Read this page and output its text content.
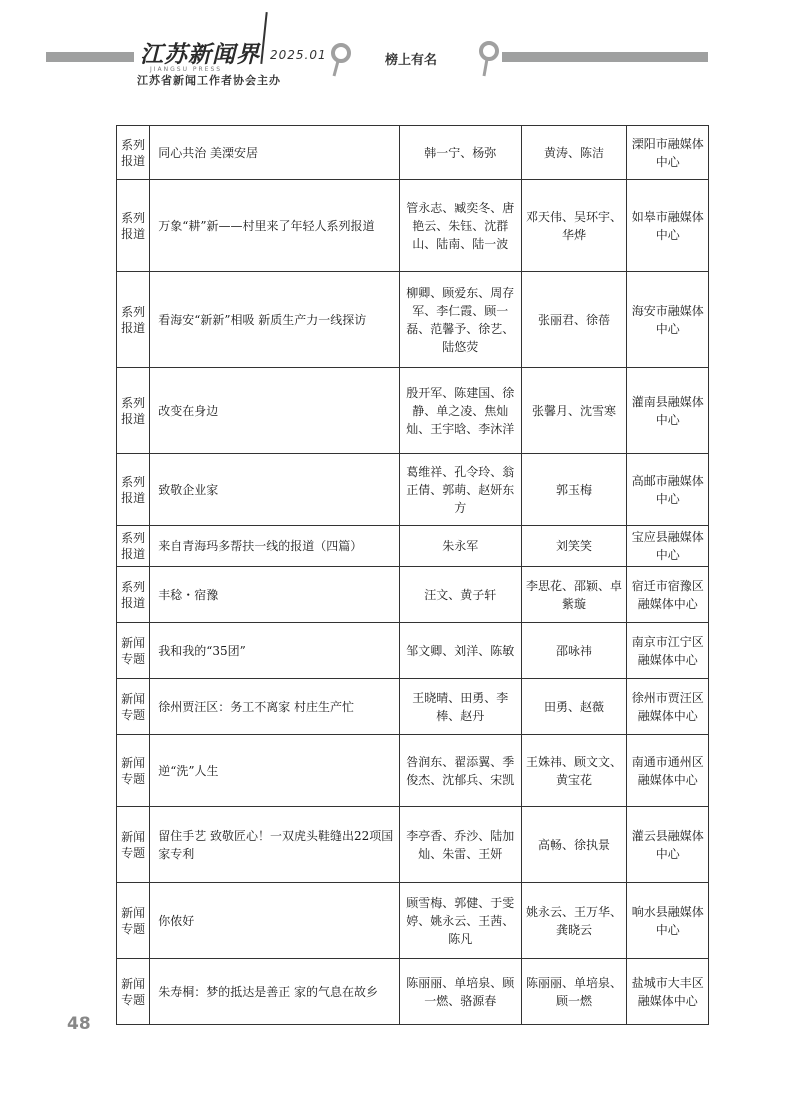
江苏新闻界
JIANGSU PRESS
2025.01
江苏省新闻工作者协会主办
榜上有名
系列报道	同心共治 美溧安居	韩一宁、杨弥	黄涛、陈洁	溧阳市融媒体中心
系列报道	万象“耕”新——村里来了年轻人系列报道	管永志、臧奕冬、唐艳云、朱钰、沈群山、陆南、陆一波	邓天伟、吴环宇、华烨	如皋市融媒体中心
系列报道	看海安“新新”相吸 新质生产力一线探访	柳卿、顾爱东、周存军、李仁霞、顾一磊、范馨予、徐艺、陆悠荧	张丽君、徐蓓	海安市融媒体中心
系列报道	改变在身边	殷开军、陈建国、徐静、单之凌、焦灿灿、王宇晗、李沐洋	张馨月、沈雪寒	灌南县融媒体中心
系列报道	致敬企业家	葛维祥、孔令玲、翁正倩、郭萌、赵妍东方	郭玉梅	高邮市融媒体中心
系列报道	来自青海玛多帮扶一线的报道（四篇）	朱永军	刘笑笑	宝应县融媒体中心
系列报道	丰稔・宿豫	汪文、黄子轩	李思花、邵颖、卓紫璇	宿迁市宿豫区融媒体中心
新闻专题	我和我的“35团”	邹文卿、刘洋、陈敏	邵咏祎	南京市江宁区融媒体中心
新闻专题	徐州贾汪区：务工不离家 村庄生产忙	王晓晴、田勇、李棒、赵丹	田勇、赵薇	徐州市贾汪区融媒体中心
新闻专题	逆“洗”人生	咎润东、翟添翼、季俊杰、沈郁兵、宋凯	王姝祎、顾文文、黄宝花	南通市通州区融媒体中心
新闻专题	留住手艺 致敬匠心！一双虎头鞋缝出22项国家专利	李亭香、乔沙、陆加灿、朱雷、王妍	高畅、徐执景	灌云县融媒体中心
新闻专题	你侬好	顾雪梅、郭健、于雯婷、姚永云、王茜、陈凡	姚永云、王万华、龚晓云	响水县融媒体中心
新闻专题	朱寿桐：梦的抵达是善正 家的气息在故乡	陈丽丽、单培泉、顾一燃、骆源春	陈丽丽、单培泉、顾一燃	盐城市大丰区融媒体中心
48
